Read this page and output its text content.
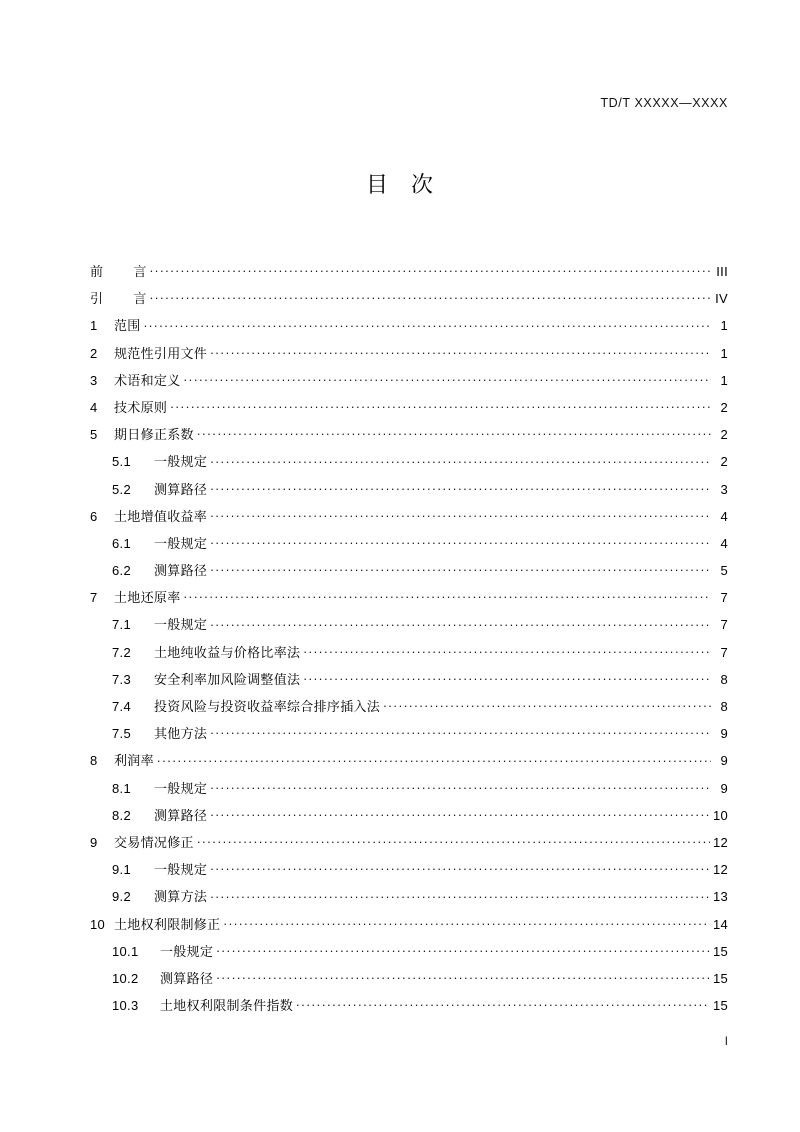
TD/T XXXXX—XXXX
目 次
前 言 .....	III
引 言 .....	IV
1	范围 .....	1
2	规范性引用文件 .....	1
3	术语和定义 .....	1
4	技术原则 .....	2
5	期日修正系数 .....	2
5.1	一般规定 .....	2
5.2	测算路径 .....	3
6	土地增值收益率 .....	4
6.1	一般规定 .....	4
6.2	测算路径 .....	5
7	土地还原率 .....	7
7.1	一般规定 .....	7
7.2	土地纯收益与价格比率法 .....	7
7.3	安全利率加风险调整值法 .....	8
7.4	投资风险与投资收益率综合排序插入法 .....	8
7.5	其他方法 .....	9
8	利润率 .....	9
8.1	一般规定 .....	9
8.2	测算路径 .....	10
9	交易情况修正 .....	12
9.1	一般规定 .....	12
9.2	测算方法 .....	13
10 土地权利限制修正 .....	14
10.1	一般规定 .....	15
10.2	测算路径 .....	15
10.3	土地权利限制条件指数 .....	15
I
